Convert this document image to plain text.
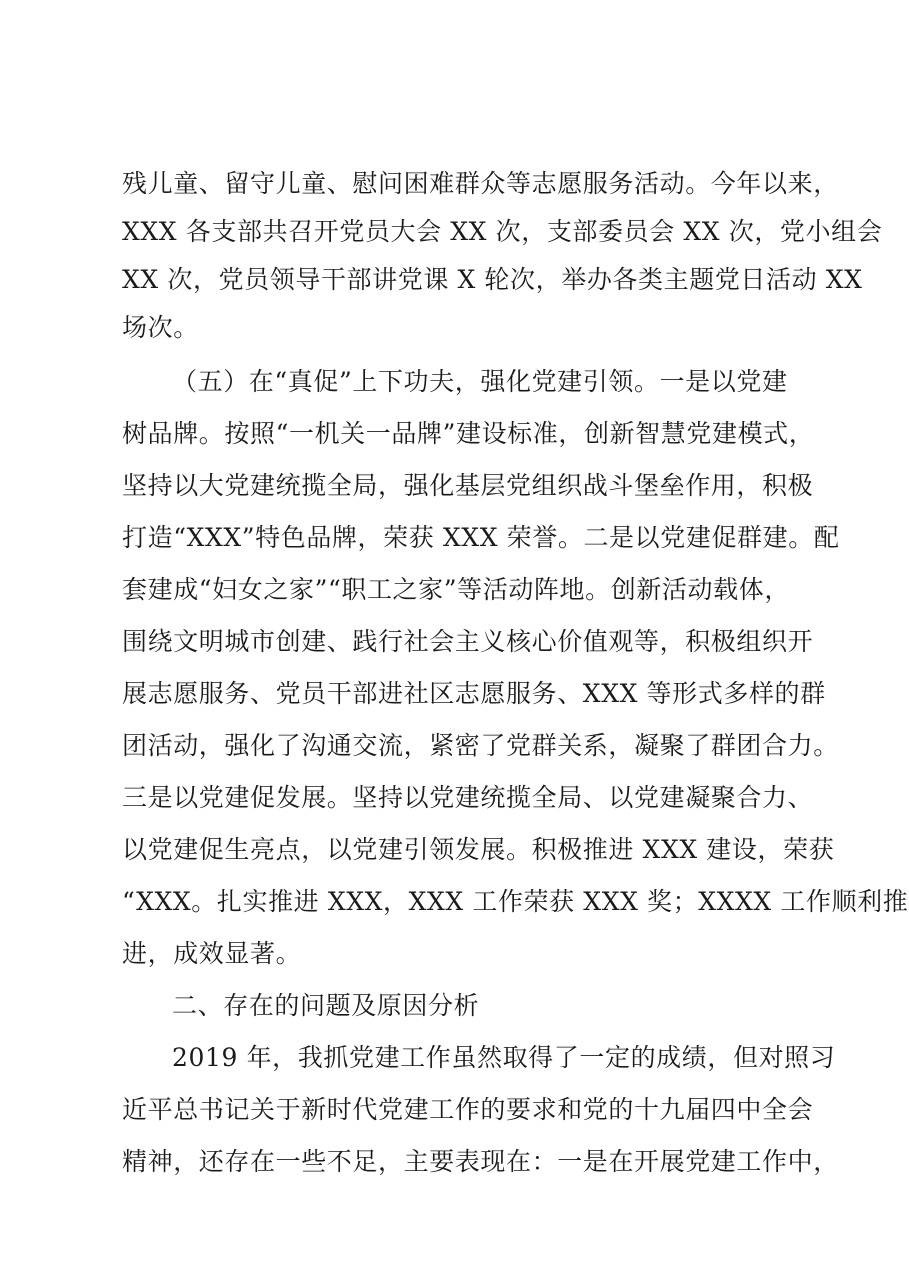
残儿童、留守儿童、慰问困难群众等志愿服务活动。今年以来，

XXX 各支部共召开党员大会 XX 次，支部委员会 XX 次，党小组会

XX 次，党员领导干部讲党课 X 轮次，举办各类主题党日活动 XX

场次。

（五）在“真促”上下功夫，强化党建引领。一是以党建

树品牌。按照“一机关一品牌”建设标准，创新智慧党建模式，

坚持以大党建统揽全局，强化基层党组织战斗堡垒作用，积极

打造“XXX”特色品牌，荣获 XXX 荣誉。二是以党建促群建。配

套建成“妇女之家”“职工之家”等活动阵地。创新活动载体，

围绕文明城市创建、践行社会主义核心价值观等，积极组织开

展志愿服务、党员干部进社区志愿服务、XXX 等形式多样的群

团活动，强化了沟通交流，紧密了党群关系，凝聚了群团合力。

三是以党建促发展。坚持以党建统揽全局、以党建凝聚合力、

以党建促生亮点，以党建引领发展。积极推进 XXX 建设，荣获

“XXX。扎实推进 XXX，XXX 工作荣获 XXX 奖；XXXX 工作顺利推

进，成效显著。

二、存在的问题及原因分析

2019 年，我抓党建工作虽然取得了一定的成绩，但对照习

近平总书记关于新时代党建工作的要求和党的十九届四中全会

精神，还存在一些不足，主要表现在：一是在开展党建工作中，
